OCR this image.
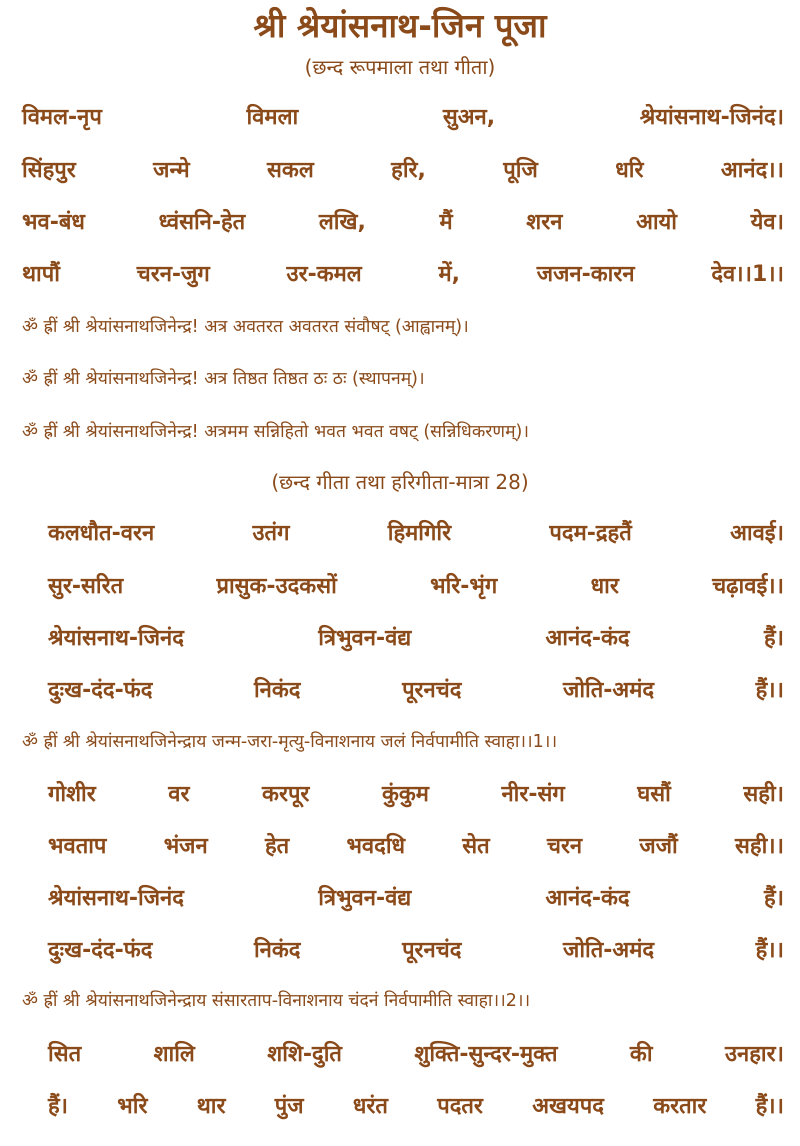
श्री श्रेयांसनाथ-जिन पूजा
(छन्द रूपमाला तथा गीता)
विमल-नृप	विमला	सुअन,	श्रेयांसनाथ-जिनंद।
सिंहपुर	जन्मे	सकल	हरि,	पूजि	धरि	आनंद।।
भव-बंध	ध्वंसनि-हेत	लखि,	मैं	शरन	आयो	येव।
थापौं	चरन-जुग	उर-कमल	में,	जजन-कारन	देव।।1।।
ॐ ह्रीं श्री श्रेयांसनाथजिनेन्द्र! अत्र अवतरत अवतरत संवौषट् (आह्वानम्)।
ॐ ह्रीं श्री श्रेयांसनाथजिनेन्द्र! अत्र तिष्ठत तिष्ठत ठः ठः (स्थापनम्)।
ॐ ह्रीं श्री श्रेयांसनाथजिनेन्द्र! अत्रमम सन्निहितो भवत भवत वषट् (सन्निधिकरणम्)।
(छन्द गीता तथा हरिगीता-मात्रा 28)
कलधौत-वरन	उतंग	हिमगिरि	पदम-द्रहतैं	आवई।
सुर-सरित	प्रासुक-उदकसों	भरि-भृंग	धार	चढ़ावई।।
श्रेयांसनाथ-जिनंद	त्रिभुवन-वंद्य	आनंद-कंद	हैं।
दुःख-दंद-फंद	निकंद	पूरनचंद	जोति-अमंद	हैं।।
ॐ ह्रीं श्री श्रेयांसनाथजिनेन्द्राय जन्म-जरा-मृत्यु-विनाशनाय जलं निर्वपामीति स्वाहा।।1।।
गोशीर	वर	करपूर	कुंकुम	नीर-संग	घसौं	सही।
भवताप	भंजन	हेत	भवदधि	सेत	चरन	जजौं	सही।।
श्रेयांसनाथ-जिनंद	त्रिभुवन-वंद्य	आनंद-कंद	हैं।
दुःख-दंद-फंद	निकंद	पूरनचंद	जोति-अमंद	हैं।।
ॐ ह्रीं श्री श्रेयांसनाथजिनेन्द्राय संसारताप-विनाशनाय चंदनं निर्वपामीति स्वाहा।।2।।
सित	शालि	शशि-दुति	शुक्ति-सुन्दर-मुक्त	की	उनहार।
हैं। भरि थार पुंज धरंत पदतर अखयपद करतार हैं।।
